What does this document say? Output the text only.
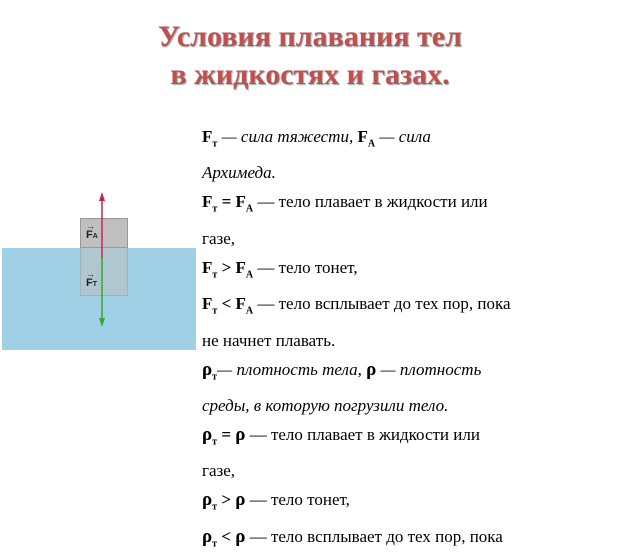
Условия плавания тел
в жидкостях и газах.
→
FA
→
FT
$F_т$ — сила тяжести, $F_A$ — сила
Архимеда.
$F_т = F_A$ — тело плавает в жидкости или
газе,
$F_т > F_A$ — тело тонет,
$F_т < F_A$ — тело всплывает до тех пор, пока
не начнет плавать.
$\rho_т—$ плотность тела, ρ — плотность
среды, в которую погрузили тело.
$\rho_т = \rho$ — тело плавает в жидкости или
газе,
$\rho_т > \rho$ — тело тонет,
$\rho_т < \rho$ — тело всплывает до тех пор, пока
